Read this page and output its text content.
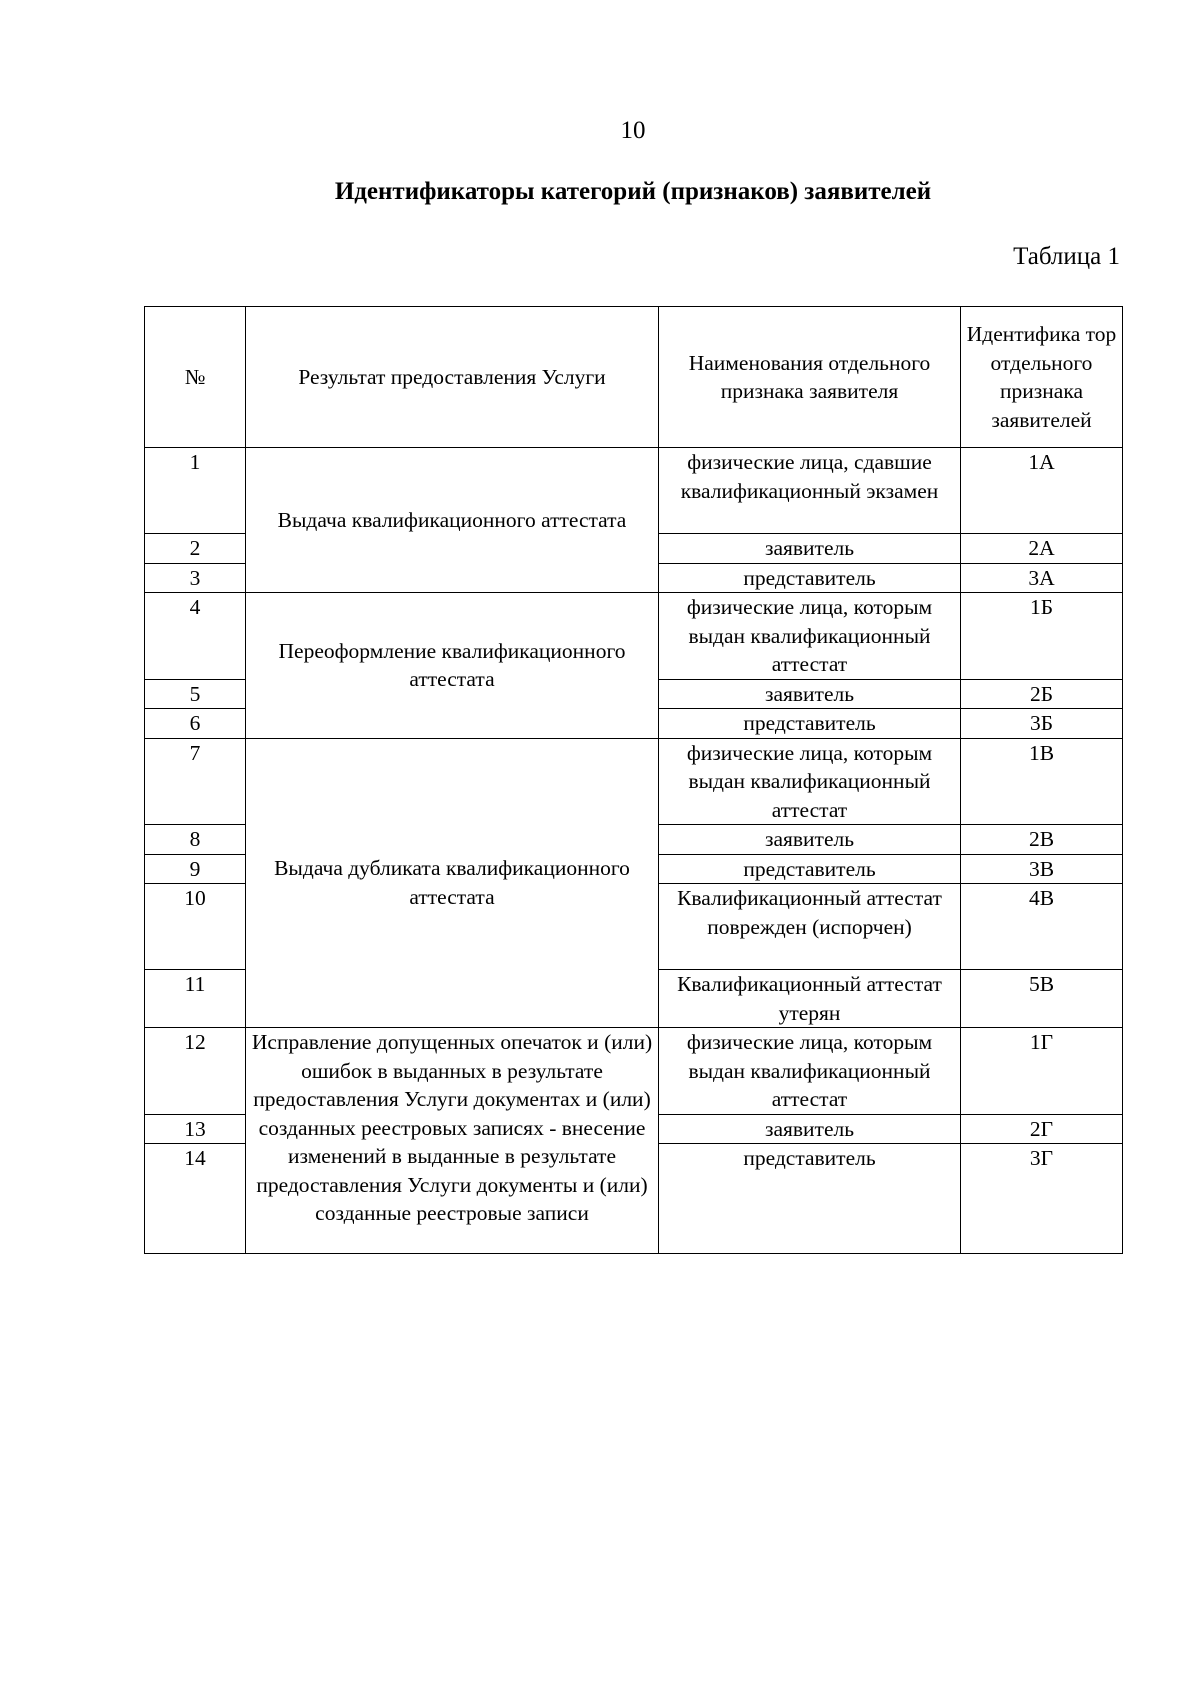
10
Идентификаторы категорий (признаков) заявителей
Таблица 1
№	Результат предоставления Услуги	Наименования отдельного признака заявителя	Идентифика тор отдельного признака заявителей
1	Выдача квалификационного аттестата	физические лица, сдавшие квалификационный экзамен	1А
2		заявитель	2А
3		представитель	3А
4	Переоформление квалификационного аттестата	физические лица, которым выдан квалификационный аттестат	1Б
5		заявитель	2Б
6		представитель	3Б
7	Выдача дубликата квалификационного аттестата	физические лица, которым выдан квалификационный аттестат	1В
8		заявитель	2В
9		представитель	3В
10		Квалификационный аттестат поврежден (испорчен)	4В
11		Квалификационный аттестат утерян	5В
12	Исправление допущенных опечаток и (или) ошибок в выданных в результате предоставления Услуги документах и (или) созданных реестровых записях - внесение изменений в выданные в результате предоставления Услуги документы и (или) созданные реестровые записи	физические лица, которым выдан квалификационный аттестат	1Г
13		заявитель	2Г
14		представитель	3Г
